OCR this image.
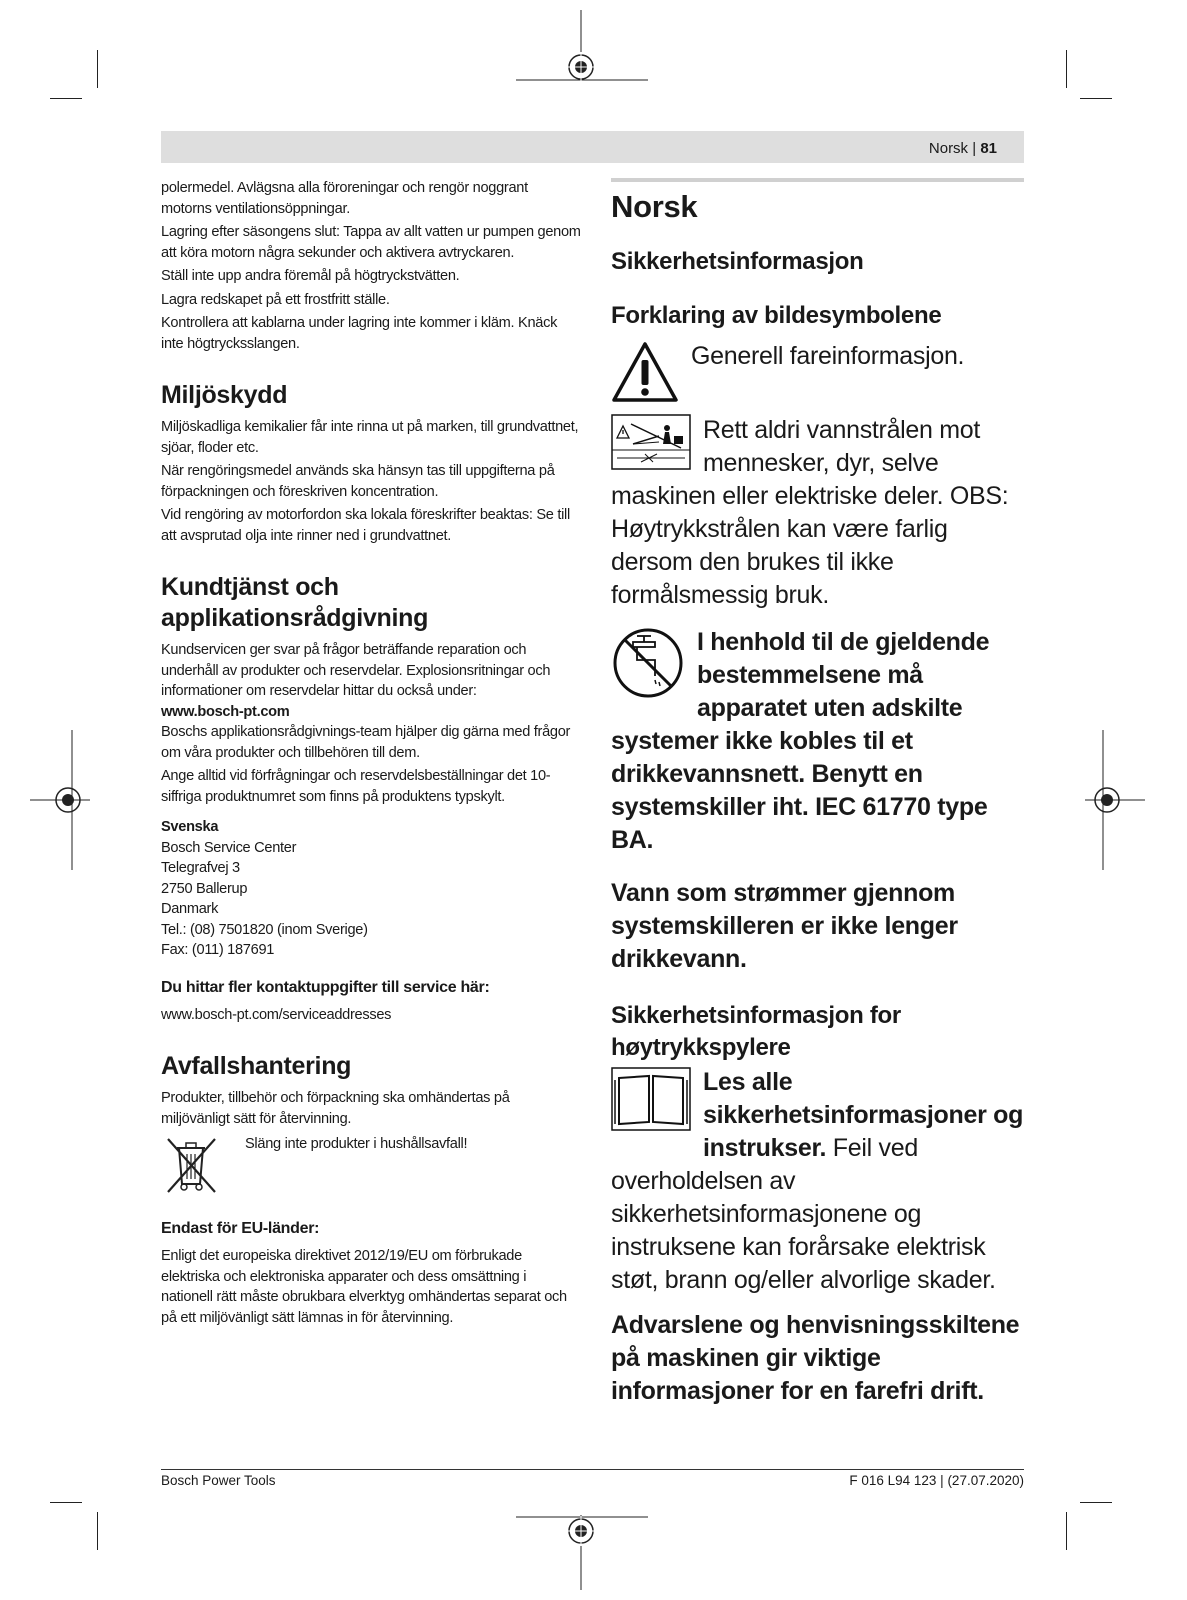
Norsk | 81

polermedel. Avlägsna alla föroreningar och rengör noggrant motorns ventilationsöppningar.

Lagring efter säsongens slut: Tappa av allt vatten ur pumpen genom att köra motorn några sekunder och aktivera avtryckaren.

Ställ inte upp andra föremål på högtryckstvätten.

Lagra redskapet på ett frostfritt ställe.

Kontrollera att kablarna under lagring inte kommer i kläm. Knäck inte högtrycksslangen.

Miljöskydd

Miljöskadliga kemikalier får inte rinna ut på marken, till grundvattnet, sjöar, floder etc.

När rengöringsmedel används ska hänsyn tas till uppgifterna på förpackningen och föreskriven koncentration.

Vid rengöring av motorfordon ska lokala föreskrifter beaktas: Se till att avsprutad olja inte rinner ned i grundvattnet.

Kundtjänst och applikationsrådgivning

Kundservicen ger svar på frågor beträffande reparation och underhåll av produkter och reservdelar. Explosionsritningar och informationer om reservdelar hittar du också under:

www.bosch-pt.com

Boschs applikationsrådgivnings-team hjälper dig gärna med frågor om våra produkter och tillbehören till dem.

Ange alltid vid förfrågningar och reservdelsbeställningar det 10-siffriga produktnumret som finns på produktens typskylt.

Svenska

Bosch Service Center

Telegrafvej 3

2750 Ballerup

Danmark

Tel.: (08) 7501820 (inom Sverige)

Fax: (011) 187691

Du hittar fler kontaktuppgifter till service här:

www.bosch-pt.com/serviceaddresses

Avfallshantering

Produkter, tillbehör och förpackning ska omhändertas på miljövänligt sätt för återvinning.

Släng inte produkter i hushållsavfall!
Endast för EU-länder:

Enligt det europeiska direktivet 2012/19/EU om förbrukade elektriska och elektroniska apparater och dess omsättning i nationell rätt måste obrukbara elverktyg omhändertas separat och på ett miljövänligt sätt lämnas in för återvinning.

Norsk
Sikkerhetsinformasjon
Forklaring av bildesymbolene

Generell fareinformasjon.

Rett aldri vannstrålen mot mennesker, dyr, selve maskinen eller elektriske deler. OBS: Høytrykkstrålen kan være farlig dersom den brukes til ikke formålsmessig bruk.

I henhold til de gjeldende bestemmelsene må apparatet uten adskilte systemer ikke kobles til et drikkevannsnett. Benytt en systemskiller iht. IEC 61770 type BA.

Vann som strømmer gjennom systemskilleren er ikke lenger drikkevann.

Sikkerhetsinformasjon for høytrykkspylere

Les alle sikkerhetsinformasjoner og instrukser. Feil ved overholdelsen av sikkerhetsinformasjonene og instruksene kan forårsake elektrisk støt, brann og/eller alvorlige skader.

Advarslene og henvisningsskiltene på maskinen gir viktige informasjoner for en farefri drift.

Bosch Power Tools	F 016 L94 123 | (27.07.2020)
